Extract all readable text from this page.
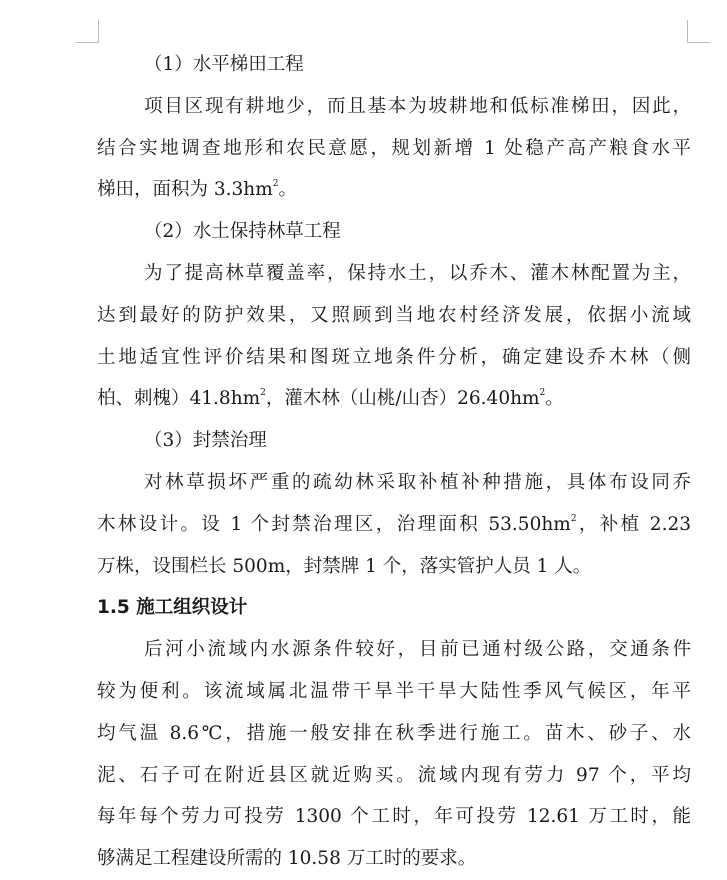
（1）水平梯田工程
项目区现有耕地少，而且基本为坡耕地和低标准梯田，因此，
结合实地调查地形和农民意愿，规划新增 1 处稳产高产粮食水平
梯田，面积为 $3.3hm^2$。
（2）水土保持林草工程
为了提高林草覆盖率，保持水土，以乔木、灌木林配置为主，
达到最好的防护效果，又照顾到当地农村经济发展，依据小流域
土地适宜性评价结果和图斑立地条件分析，确定建设乔木林（侧
柏、刺槐）$41.8hm^2$，灌木林（山桃/山杏）$26.40hm^2$。
（3）封禁治理
对林草损坏严重的疏幼林采取补植补种措施，具体布设同乔
木林设计。设 1 个封禁治理区，治理面积 $53.50hm^2$，补植 2.23
万株，设围栏长 500m，封禁牌 1 个，落实管护人员 1 人。
1.5 施工组织设计
后河小流域内水源条件较好，目前已通村级公路，交通条件
较为便利。该流域属北温带干旱半干旱大陆性季风气候区，年平
均气温 8.6℃，措施一般安排在秋季进行施工。苗木、砂子、水
泥、石子可在附近县区就近购买。流域内现有劳力 97 个，平均
每年每个劳力可投劳 1300 个工时，年可投劳 12.61 万工时，能
够满足工程建设所需的 10.58 万工时的要求。
